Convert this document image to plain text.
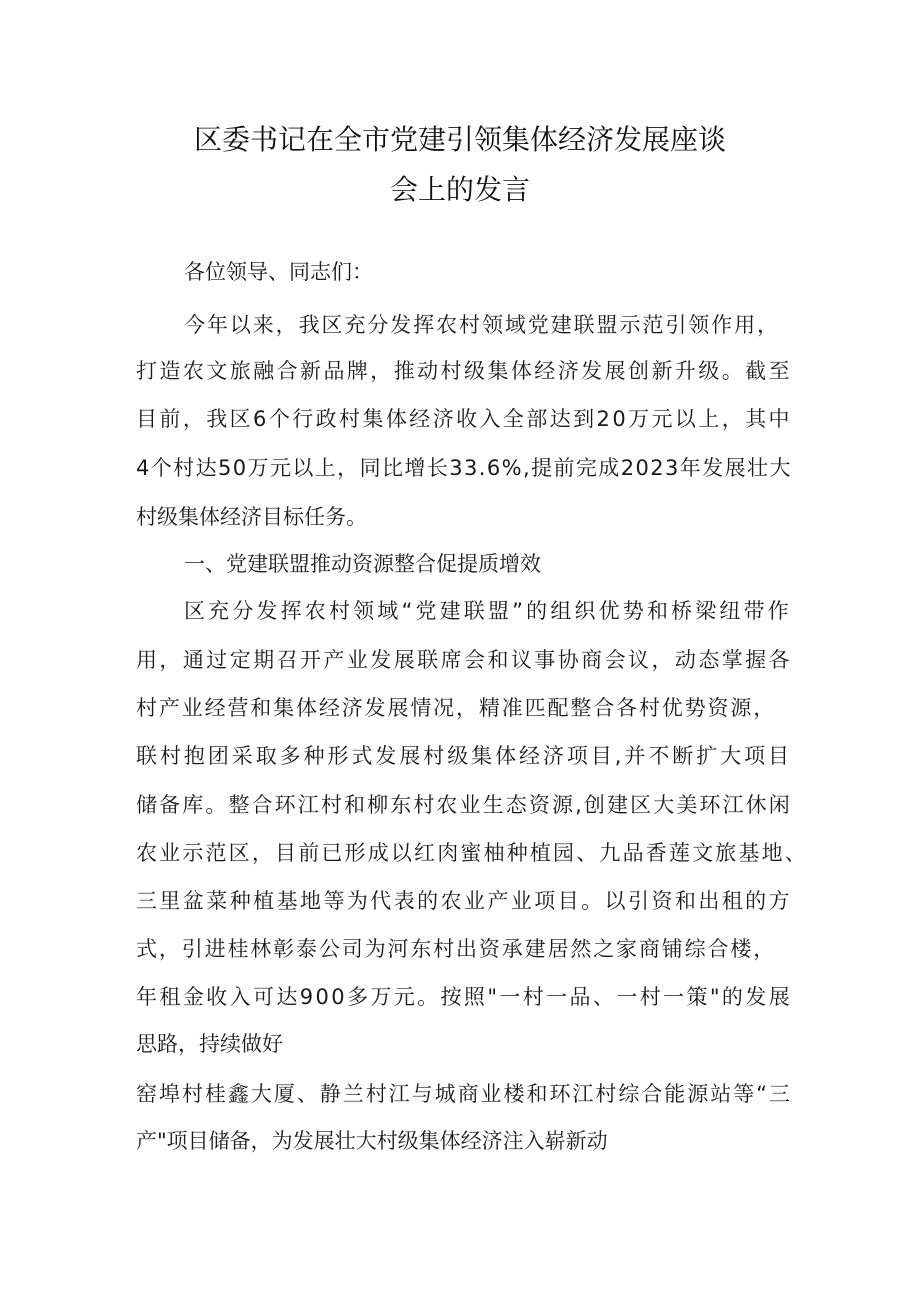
区委书记在全市党建引领集体经济发展座谈
会上的发言
各位领导、同志们：
今年以来，我区充分发挥农村领域党建联盟示范引领作用，
打造农文旅融合新品牌，推动村级集体经济发展创新升级。截至
目前，我区6个行政村集体经济收入全部达到20万元以上，其中
4个村达50万元以上，同比增长33.6%,提前完成2023年发展壮大
村级集体经济目标任务。
一、党建联盟推动资源整合促提质增效
区充分发挥农村领域“党建联盟”的组织优势和桥梁纽带作
用，通过定期召开产业发展联席会和议事协商会议，动态掌握各
村产业经营和集体经济发展情况，精准匹配整合各村优势资源，
联村抱团采取多种形式发展村级集体经济项目,并不断扩大项目
储备库。整合环江村和柳东村农业生态资源,创建区大美环江休闲
农业示范区，目前已形成以红肉蜜柚种植园、九品香莲文旅基地、
三里盆菜种植基地等为代表的农业产业项目。以引资和出租的方
式，引进桂林彰泰公司为河东村出资承建居然之家商铺综合楼，
年租金收入可达900多万元。按照"一村一品、一村一策"的发展
思路，持续做好
窑埠村桂鑫大厦、静兰村江与城商业楼和环江村综合能源站等“三
产"项目储备，为发展壮大村级集体经济注入崭新动
